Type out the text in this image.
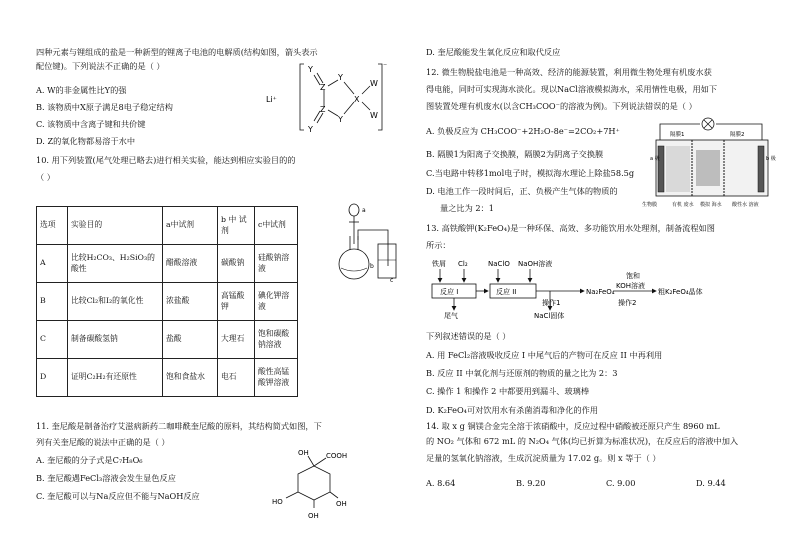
四种元素与锂组成的盐是一种新型的锂离子电池的电解质(结构如图，箭头表示
配位键)。下列说法不正确的是（ ）
A. W的非金属性比Y的强
B. 该物质中X原子满足8电子稳定结构
C. 该物质中含离子键和共价键
D. Z的氧化物都易溶于水中
Li⁺
Y
Y
Z
X
Z
Y
Y
W
W
⁻
10. 用下列装置(尾气处理已略去)进行相关实验，能达到相应实验目的的
（ ）
选项	实验目的	a中试剂	b 中 试剂	c中试剂
A	比较H₂CO₃、H₂SiO₃的酸性	醋酸溶液	碳酸钠	硅酸钠溶液
B	比较Cl₂和I₂的氧化性	浓盐酸	高锰酸钾	碘化钾溶液
C	制备碳酸氢钠	盐酸	大理石	饱和碳酸钠溶液
D	证明C₂H₂有还原性	饱和食盐水	电石	酸性高锰酸钾溶液
a
b
c
11. 奎尼酸是制备治疗艾滋病新药二咖啡酰奎尼酸的原料，其结构简式如图，下
列有关奎尼酸的说法中正确的是（ ）
A. 奎尼酸的分子式是C₇H₈O₆
B. 奎尼酸遇FeCl₃溶液会发生显色反应
C. 奎尼酸可以与Na反应但不能与NaOH反应
OH COOH
HO
OH
OH
D. 奎尼酸能发生氧化反应和取代反应
12. 微生物脱盐电池是一种高效、经济的能源装置，利用微生物处理有机废水获
得电能，同时可实现海水淡化。现以NaCl溶液模拟海水，采用情性电极，用如下
图装置处理有机废水(以含CH₃COO⁻的溶液为例)。下列说法错误的是（ ）
A. 负极反应为 CH₃COO⁻+2H₂O-8e⁻=2CO₂+7H⁺
B. 隔膜1为阳离子交换膜，隔膜2为阴离子交换膜
C.当电路中转移1mol电子时，模拟海水理论上除盐58.5g
D. 电池工作一段时间后，正、负极产生气体的物质的
量之比为 2：1
隔膜1	隔膜2
a 极	b 极
生物膜	有机 废水 模拟 海水 酸性水 溶液
13. 高铁酸钾(K₂FeO₄)是一种环保、高效、多功能饮用水处理剂，制备流程如图
所示：
铁屑 Cl₂	NaClO NaOH溶液
反应 I	反应 II
操作1
Na₂FeO₄
饱和
KOH溶液
操作2
粗K₂FeO₄晶体
尾气	NaCl固体
下列叙述错误的是（ ）
A. 用 FeCl₂溶液吸收反应 I 中尾气后的产物可在反应 II 中再利用
B. 反应 II 中氧化剂与还原剂的物质的量之比为 2：3
C. 操作 1 和操作 2 中都要用到漏斗、玻璃棒
D. K₂FeO₄可对饮用水有杀菌消毒和净化的作用
14. 取 x g 铜镁合金完全溶于浓硝酸中，反应过程中硝酸被还原只产生 8960 mL
的 NO₂ 气体和 672 mL 的 N₂O₄ 气体(均已折算为标准状况)，在反应后的溶液中加入
足量的氢氧化钠溶液，生成沉淀质量为 17.02 g。则 x 等于（ ）
A. 8.64	B. 9.20	C. 9.00	D. 9.44
